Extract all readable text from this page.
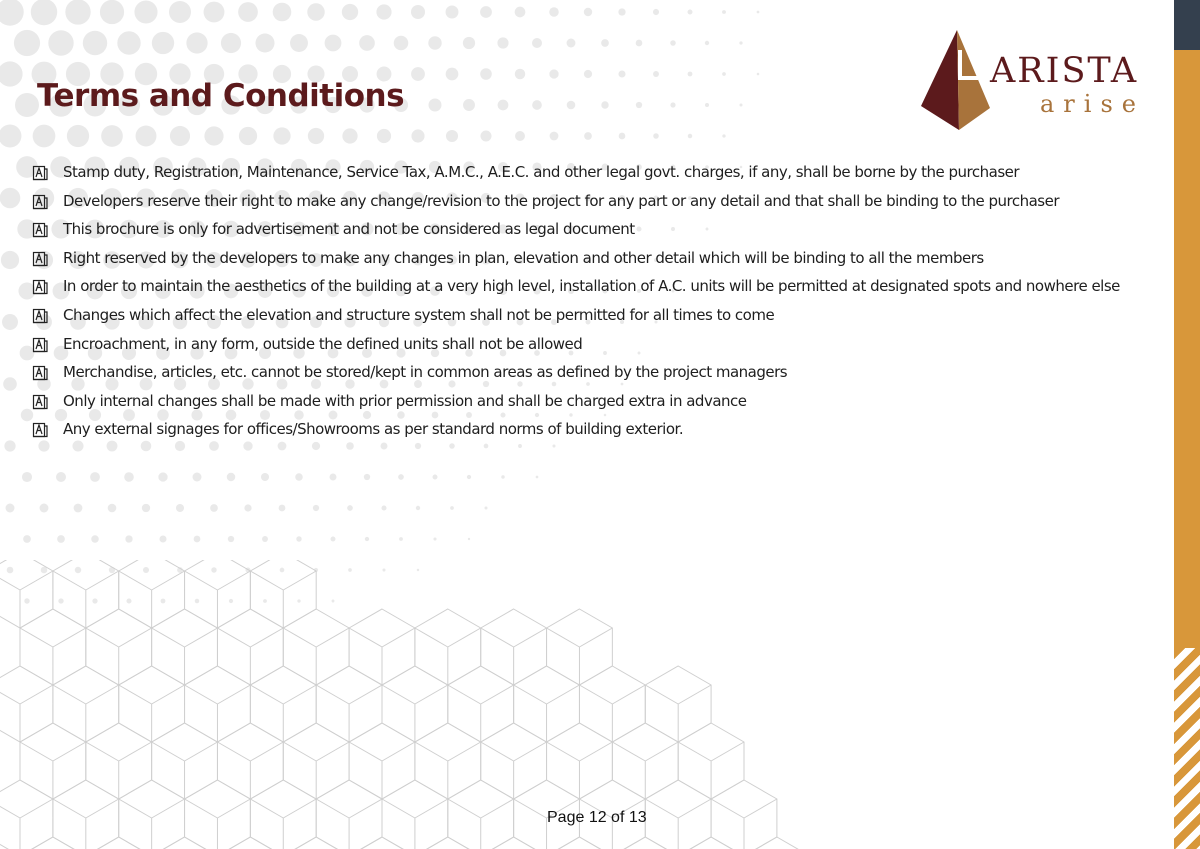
Terms and Conditions
ARISTA
arise
Stamp duty, Registration, Maintenance, Service Tax, A.M.C., A.E.C. and other legal govt. charges, if any, shall be borne by the purchaser
Developers reserve their right to make any change/revision to the project for any part or any detail and that shall be binding to the purchaser
This brochure is only for advertisement and not be considered as legal document
Right reserved by the developers to make any changes in plan, elevation and other detail which will be binding to all the members
In order to maintain the aesthetics of the building at a very high level, installation of A.C. units will be permitted at designated spots and nowhere else
Changes which affect the elevation and structure system shall not be permitted for all times to come
Encroachment, in any form, outside the defined units shall not be allowed
Merchandise, articles, etc. cannot be stored/kept in common areas as defined by the project managers
Only internal changes shall be made with prior permission and shall be charged extra in advance
Any external signages for offices/Showrooms as per standard norms of building exterior.
Page 12 of 13
